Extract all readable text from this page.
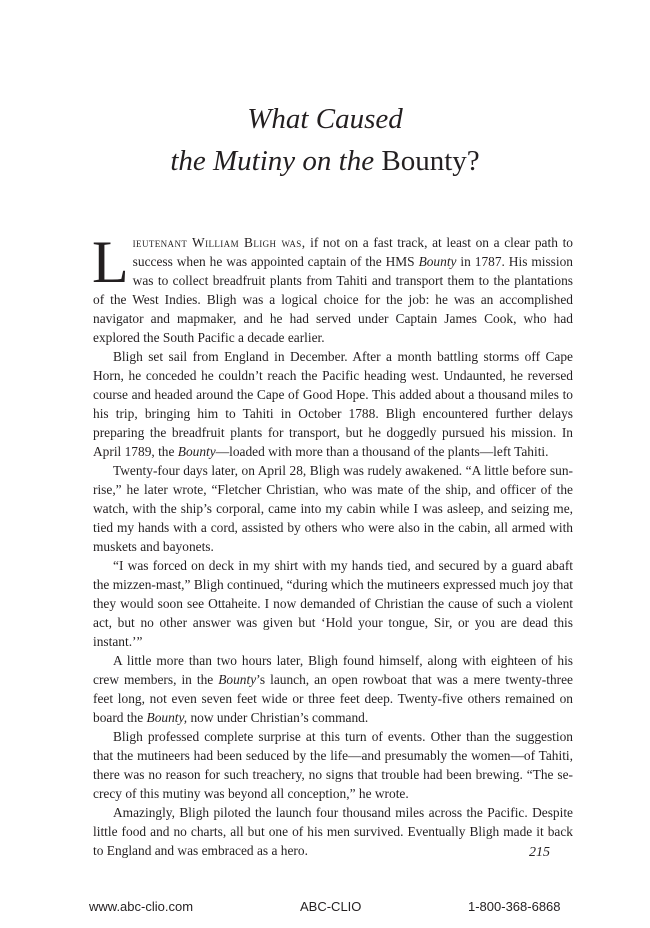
What Caused
the Mutiny on the Bounty?

Lieutenant William Bligh was, if not on a fast track, at least on a clear path to success when he was appointed captain of the HMS Bounty in 1787. His mission was to collect breadfruit plants from Tahiti and transport them to the plantations of the West Indies. Bligh was a logical choice for the job: he was an accomplished navigator and mapmaker, and he had served under Captain James Cook, who had explored the South Pacific a decade earlier.

Bligh set sail from England in December. After a month battling storms off Cape Horn, he conceded he couldn’t reach the Pacific heading west. Undaunted, he reversed course and headed around the Cape of Good Hope. This added about a thousand miles to his trip, bringing him to Tahiti in October 1788. Bligh encountered further delays preparing the breadfruit plants for transport, but he doggedly pursued his mission. In April 1789, the Bounty—loaded with more than a thousand of the plants—left Tahiti.

Twenty-four days later, on April 28, Bligh was rudely awakened. “A little before sunrise,” he later wrote, “Fletcher Christian, who was mate of the ship, and officer of the watch, with the ship’s corporal, came into my cabin while I was asleep, and seizing me, tied my hands with a cord, assisted by others who were also in the cabin, all armed with muskets and bayonets.

“I was forced on deck in my shirt with my hands tied, and secured by a guard abaft the mizzen-mast,” Bligh continued, “during which the mutineers expressed much joy that they would soon see Ottaheite. I now demanded of Christian the cause of such a violent act, but no other answer was given but ‘Hold your tongue, Sir, or you are dead this instant.’”

A little more than two hours later, Bligh found himself, along with eighteen of his crew members, in the Bounty’s launch, an open rowboat that was a mere twenty-three feet long, not even seven feet wide or three feet deep. Twenty-five others remained on board the Bounty, now under Christian’s command.

Bligh professed complete surprise at this turn of events. Other than the suggestion that the mutineers had been seduced by the life—and presumably the women—of Tahiti, there was no reason for such treachery, no signs that trouble had been brewing. “The secrecy of this mutiny was beyond all conception,” he wrote.

Amazingly, Bligh piloted the launch four thousand miles across the Pacific. Despite little food and no charts, all but one of his men survived. Eventually Bligh made it back to England and was embraced as a hero.	215
www.abc-clio.com	ABC-CLIO	1-800-368-6868
